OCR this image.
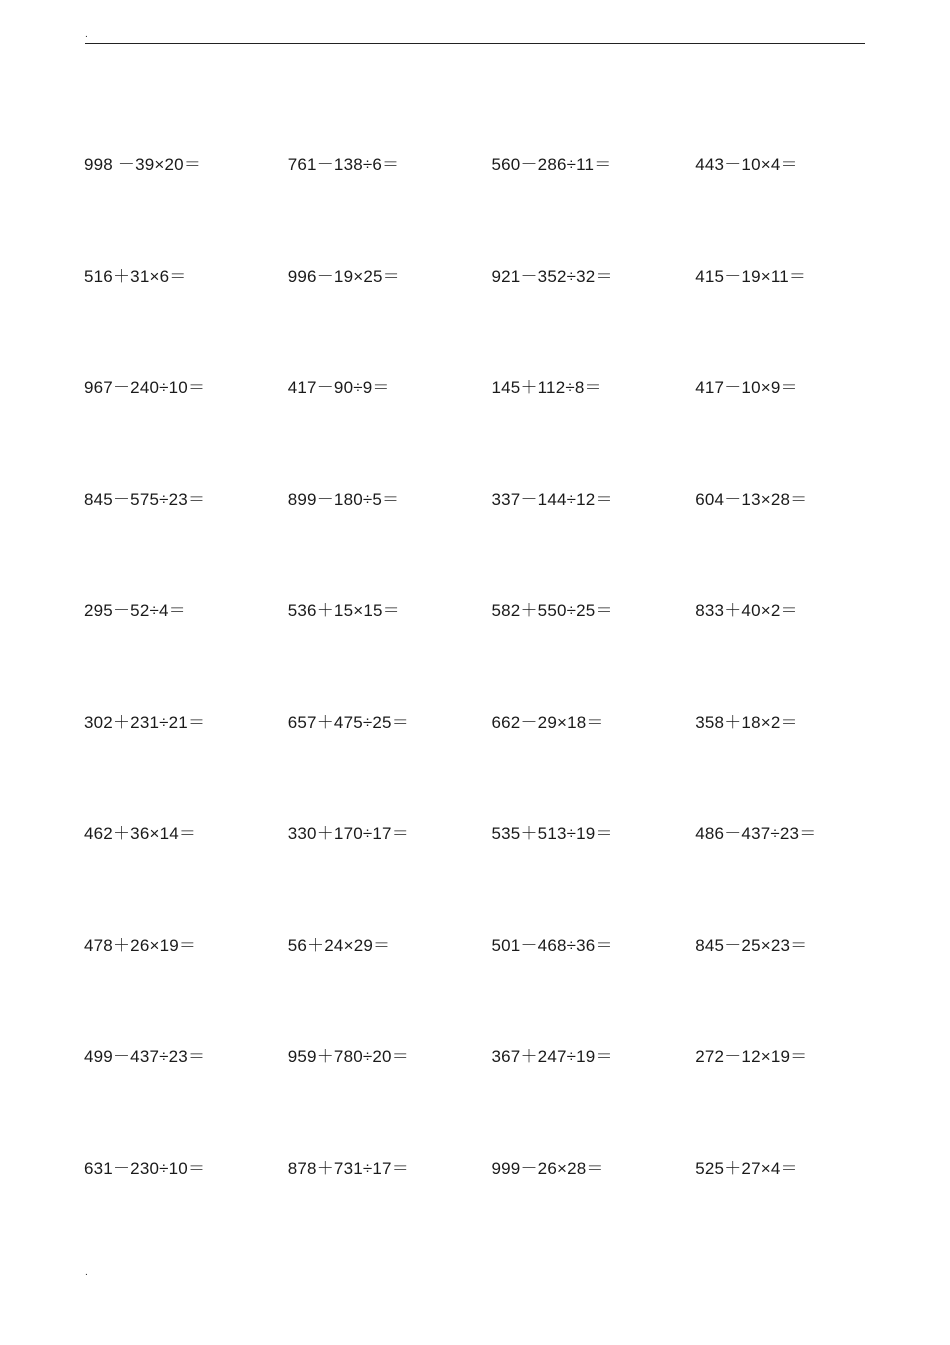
.
998 －39×20＝	761－138÷6＝	560－286÷11＝	443－10×4＝
516＋31×6＝	996－19×25＝	921－352÷32＝	415－19×11＝
967－240÷10＝	417－90÷9＝	145＋112÷8＝	417－10×9＝
845－575÷23＝	899－180÷5＝	337－144÷12＝	604－13×28＝
295－52÷4＝	536＋15×15＝	582＋550÷25＝	833＋40×2＝
302＋231÷21＝	657＋475÷25＝	662－29×18＝	358＋18×2＝
462＋36×14＝	330＋170÷17＝	535＋513÷19＝	486－437÷23＝
478＋26×19＝	56＋24×29＝	501－468÷36＝	845－25×23＝
499－437÷23＝	959＋780÷20＝	367＋247÷19＝	272－12×19＝
631－230÷10＝	878＋731÷17＝	999－26×28＝	525＋27×4＝
.
